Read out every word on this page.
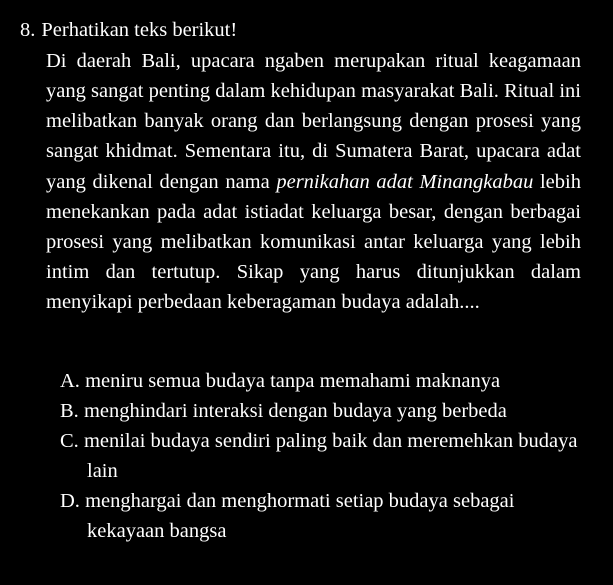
8. Perhatikan teks berikut!

Di daerah Bali, upacara ngaben merupakan ritual keagamaan yang sangat penting dalam kehidupan masyarakat Bali. Ritual ini melibatkan banyak orang dan berlangsung dengan prosesi yang sangat khidmat. Sementara itu, di Sumatera Barat, upacara adat yang dikenal dengan nama pernikahan adat Minangkabau lebih menekankan pada adat istiadat keluarga besar, dengan berbagai prosesi yang melibatkan komunikasi antar keluarga yang lebih intim dan tertutup. Sikap yang harus ditunjukkan dalam menyikapi perbedaan keberagaman budaya adalah....

A. meniru semua budaya tanpa memahami maknanya
B. menghindari interaksi dengan budaya yang berbeda
C. menilai budaya sendiri paling baik dan meremehkan budaya lain
D. menghargai dan menghormati setiap budaya sebagai kekayaan bangsa
